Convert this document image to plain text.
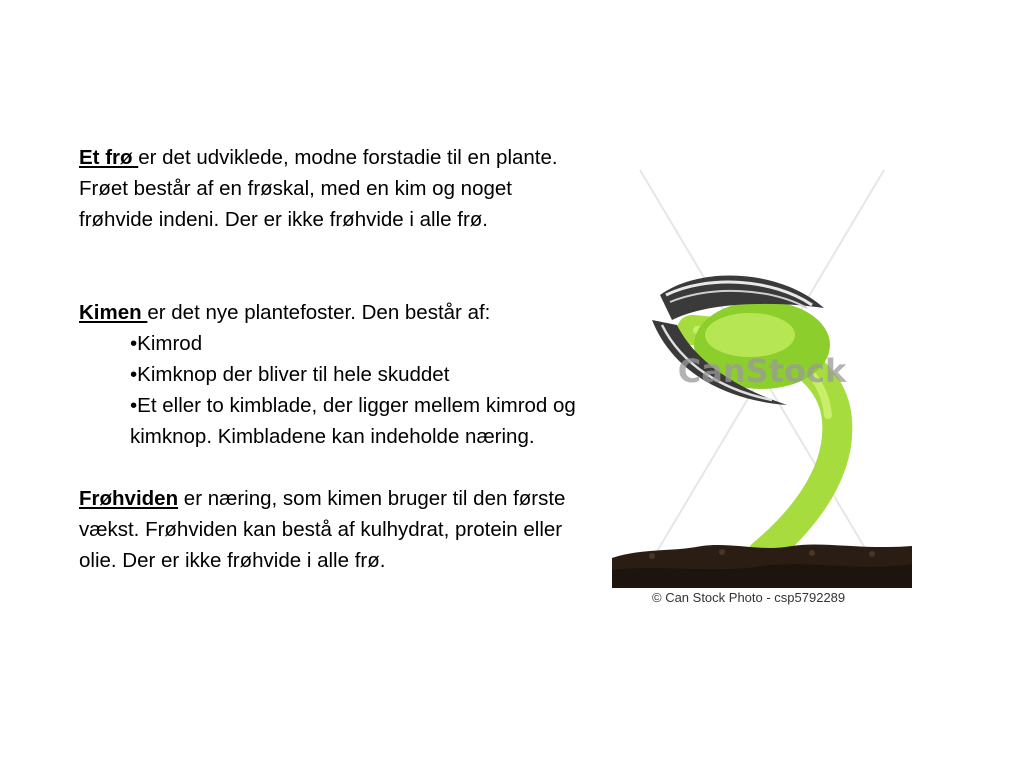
Et frø er det udviklede, modne forstadie til en plante. Frøet består af en frøskal, med en kim og noget frøhvide indeni. Der er ikke frøhvide i alle frø.

Kimen er det nye plantefoster. Den består af:

•Kimrod
•Kimknop der bliver til hele skuddet
•Et eller to kimblade, der ligger mellem kimrod og kimknop. Kimbladene kan indeholde næring.

Frøhviden er næring, som kimen bruger til den første vækst. Frøhviden kan bestå af kulhydrat, protein eller olie. Der er ikke frøhvide i alle frø.

CanStock
© Can Stock Photo - csp5792289
